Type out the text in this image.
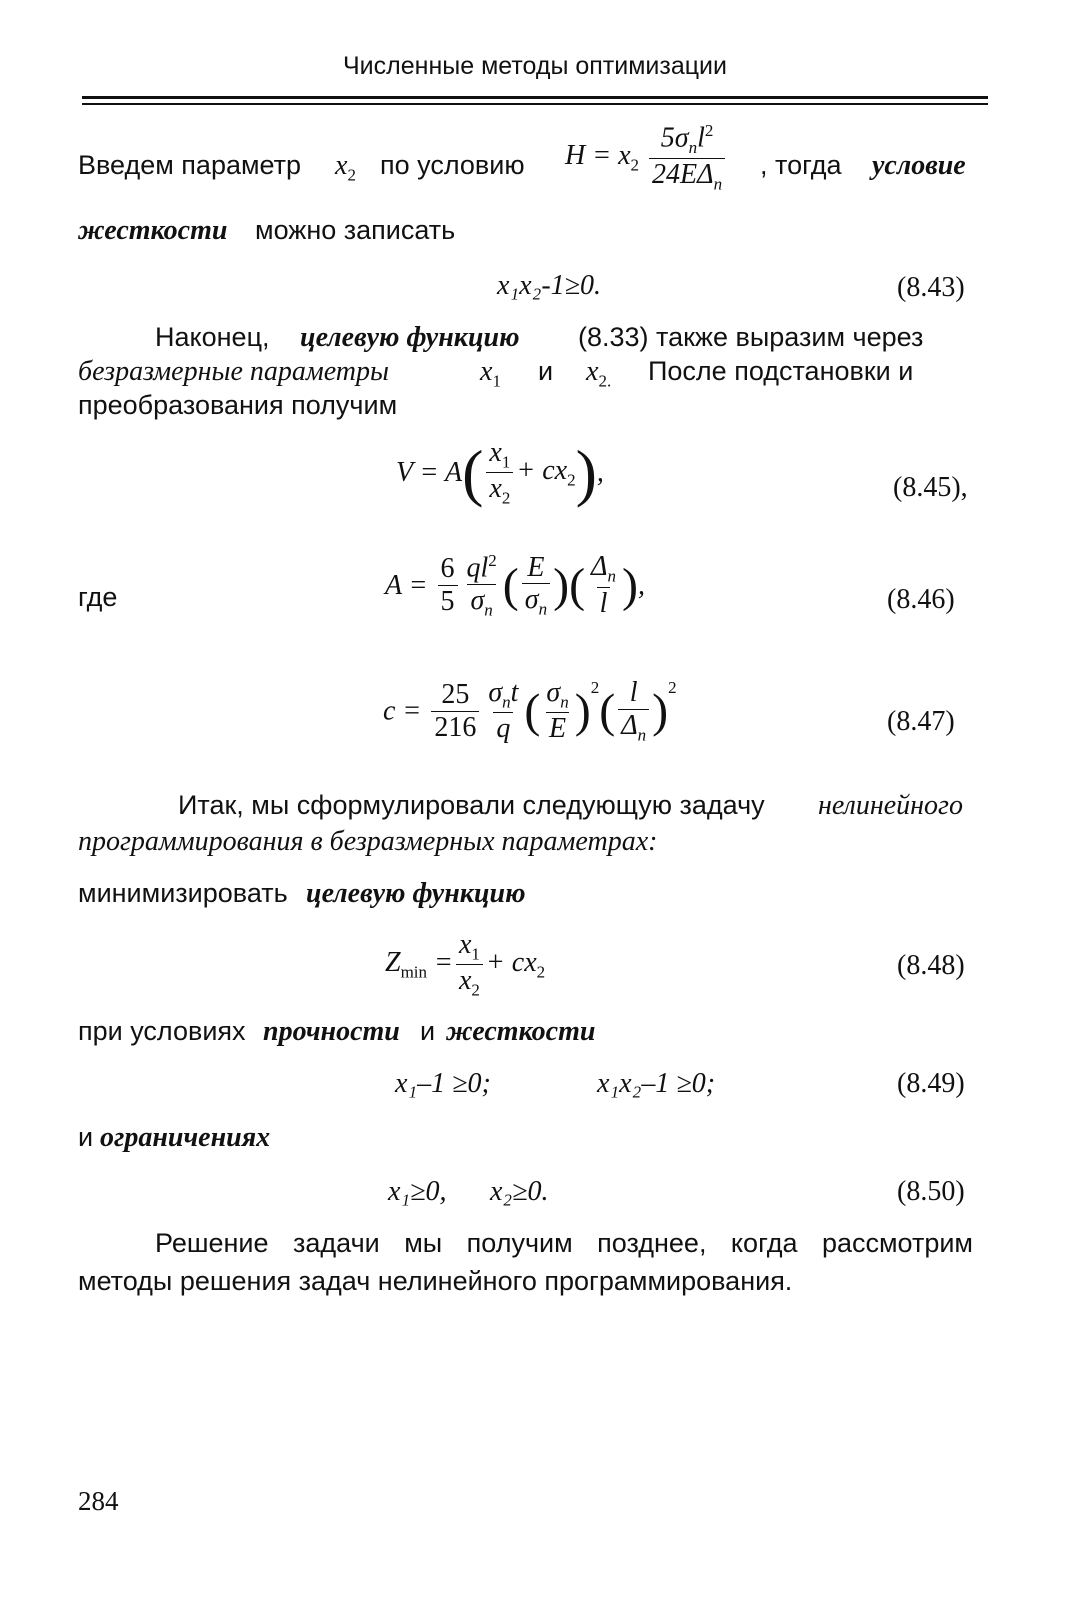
Численные методы оптимизации
Введем параметр $x_2$ по условию $H = x_2 \frac{5\sigma_nl^2}{24E\Delta_n}$ , тогда условие
жесткости можно записать
x₁x₂-1≥0.	(8.43)
Наконец, целевую функцию (8.33) также выразим через
безразмерные параметры	$x_1$ и $x_{2.}$ После подстановки и
преобразования получим
$V = A( \frac{x_1}{x_2} + cx_2)$,	(8.45),
где	$A = \frac{6}{5} \frac{ql^2}{\sigma_n}$ ( $\frac{E}{\sigma_n}$ )( $\frac{\Delta_n}{l}$ ),	(8.46)
$c = \frac{25}{216} \frac{\sigma_nt}{q}$ ( $\frac{\sigma_n}{E} )^2( \frac{l}{\Delta_n} )^2$
(8.47)
Итак, мы сформулировали следующую задачу нелинейного
программирования в безразмерных параметрах:
минимизировать целевую функцию
$Z_{min} = \frac{x_1}{x_2} + cx_2$	(8.48)
при условиях прочности и жесткости
x₁–1 ≥0;	x₁x₂–1 ≥0;	(8.49)
и ограничениях
x₁≥0, x₂≥0.	(8.50)
Решение задачи мы получим позднее, когда рассмотрим
методы решения задач нелинейного программирования.
284
